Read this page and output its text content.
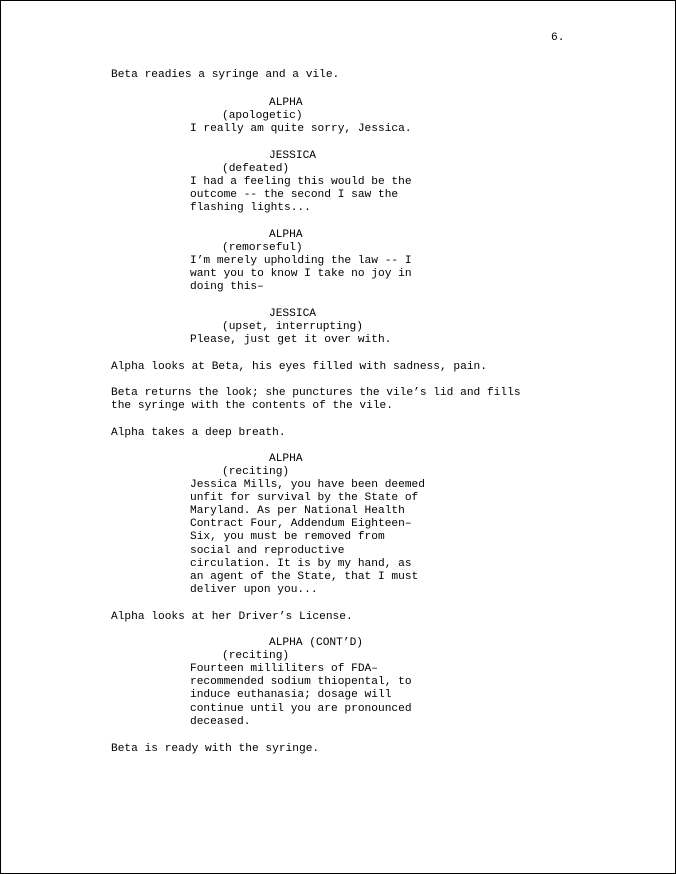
6.
Beta readies a syringe and a vile.
ALPHA
(apologetic)
I really am quite sorry, Jessica.
JESSICA
(defeated)
I had a feeling this would be the
outcome -- the second I saw the
flashing lights...
ALPHA
(remorseful)
I’m merely upholding the law -- I
want you to know I take no joy in
doing this–
JESSICA
(upset, interrupting)
Please, just get it over with.
Alpha looks at Beta, his eyes filled with sadness, pain.
Beta returns the look; she punctures the vile’s lid and fills
the syringe with the contents of the vile.
Alpha takes a deep breath.
ALPHA
(reciting)
Jessica Mills, you have been deemed
unfit for survival by the State of
Maryland. As per National Health
Contract Four, Addendum Eighteen–
Six, you must be removed from
social and reproductive
circulation. It is by my hand, as
an agent of the State, that I must
deliver upon you...
Alpha looks at her Driver’s License.
ALPHA (CONT’D)
(reciting)
Fourteen milliliters of FDA–
recommended sodium thiopental, to
induce euthanasia; dosage will
continue until you are pronounced
deceased.
Beta is ready with the syringe.
